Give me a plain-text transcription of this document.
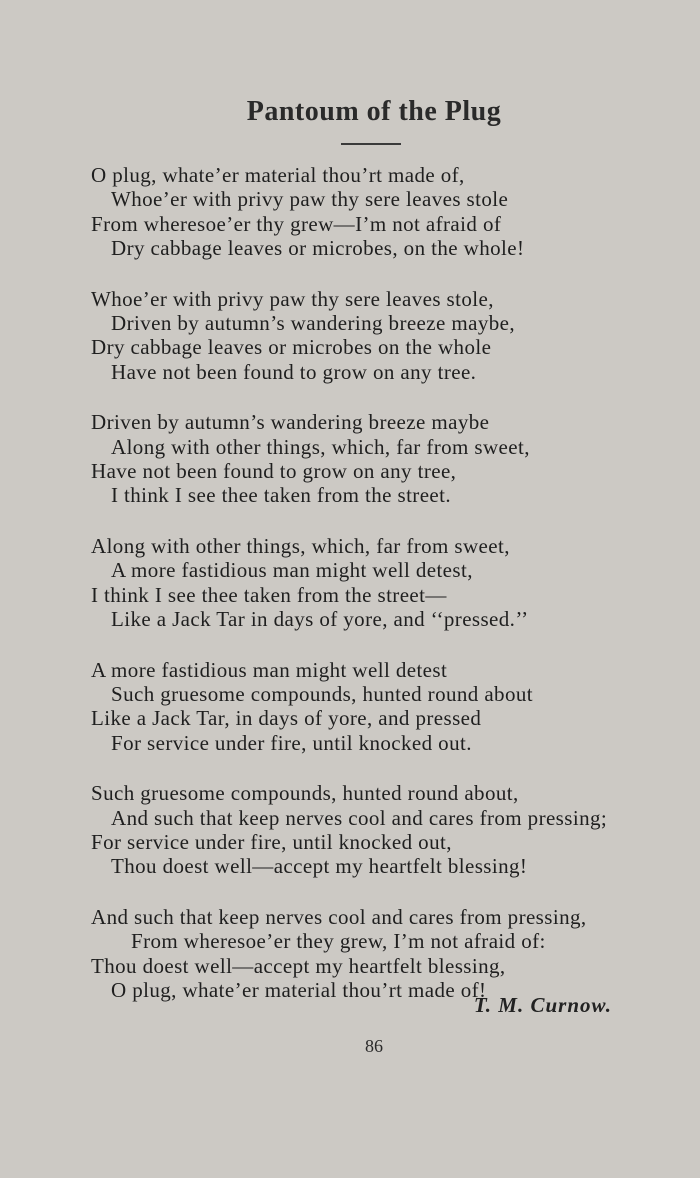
Pantoum of the Plug
O plug, whate’er material thou’rt made of,
Whoe’er with privy paw thy sere leaves stole
From wheresoe’er thy grew—I’m not afraid of
Dry cabbage leaves or microbes, on the whole!
Whoe’er with privy paw thy sere leaves stole,
Driven by autumn’s wandering breeze maybe,
Dry cabbage leaves or microbes on the whole
Have not been found to grow on any tree.
Driven by autumn’s wandering breeze maybe
Along with other things, which, far from sweet,
Have not been found to grow on any tree,
I think I see thee taken from the street.
Along with other things, which, far from sweet,
A more fastidious man might well detest,
I think I see thee taken from the street—
Like a Jack Tar in days of yore, and ‘‘pressed.’’
A more fastidious man might well detest
Such gruesome compounds, hunted round about
Like a Jack Tar, in days of yore, and pressed
For service under fire, until knocked out.
Such gruesome compounds, hunted round about,
And such that keep nerves cool and cares from pressing;
For service under fire, until knocked out,
Thou doest well—accept my heartfelt blessing!
And such that keep nerves cool and cares from pressing,
From wheresoe’er they grew, I’m not afraid of:
Thou doest well—accept my heartfelt blessing,
O plug, whate’er material thou’rt made of!
T. M. Curnow.
86
